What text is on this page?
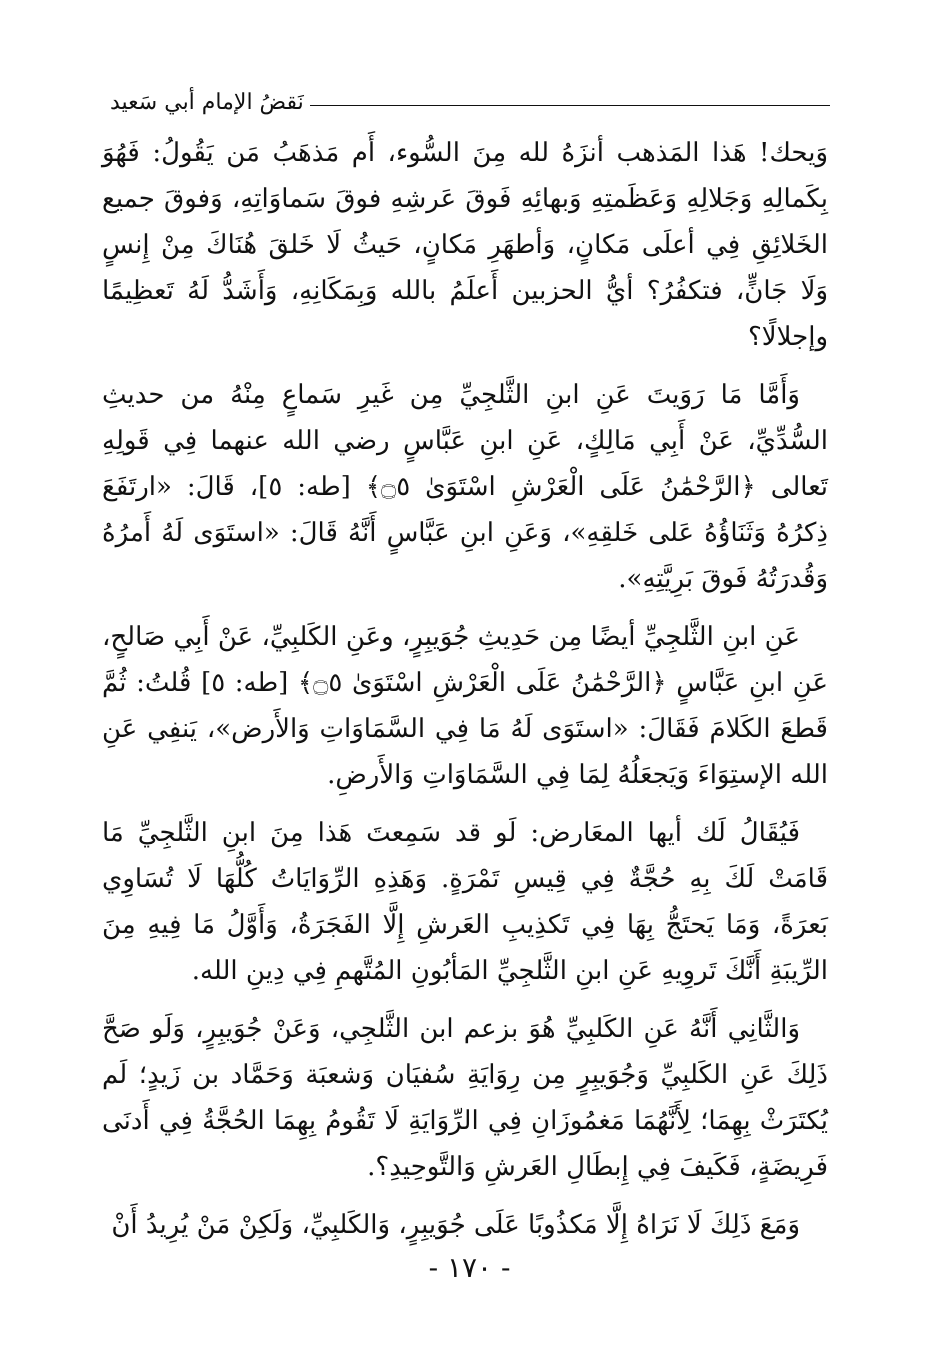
نَقضُ الإمام أبي سَعيد

وَيحك! هَذا المَذهب أنزَهُ لله مِنَ السُّوء، أَم مَذهَبُ مَن يَقُولُ: فَهُوَ بِكَمالِهِ وَجَلالِهِ وَعَظَمتِهِ وَبهائِهِ فَوقَ عَرشِهِ فوقَ سَماوَاتِهِ، وَفوقَ جميع الخَلائِقِ فِي أعلَى مَكانٍ، وَأطهَرِ مَكانٍ، حَيثُ لَا خَلقَ هُنَاكَ مِنْ إِنسٍ وَلَا جَانٍّ، فتكفُرُ؟ أيُّ الحزبين أَعلَمُ بالله وَبِمَكَانِهِ، وَأَشَدُّ لَهُ تَعظِيمًا وإجلالًا؟

وَأَمَّا مَا رَوَيتَ عَنِ ابنِ الثَّلجِيِّ مِن غَيرِ سَماعٍ مِنْهُ من حديثِ السُّدِّيِّ، عَنْ أَبِي مَالِكٍ، عَنِ ابنِ عَبَّاسٍ رضي الله عنهما فِي قَولِهِ تَعالى ﴿الرَّحْمَٰنُ عَلَى الْعَرْشِ اسْتَوَىٰ ۝٥﴾ [طه: ٥]، قَالَ: «ارتَفَعَ ذِكرُهُ وَثَنَاؤُهُ عَلى خَلقِهِ»، وَعَنِ ابنِ عَبَّاسٍ أَنَّهُ قَالَ: «استَوَى لَهُ أَمرُهُ وَقُدرَتُهُ فَوقَ بَرِيَّتِهِ».

عَنِ ابنِ الثَّلجِيِّ أيضًا مِن حَدِيثِ جُوَيبِرٍ، وعَنِ الكَلبِيِّ، عَنْ أَبِي صَالحٍ، عَنِ ابنِ عَبَّاسٍ ﴿الرَّحْمَٰنُ عَلَى الْعَرْشِ اسْتَوَىٰ ۝٥﴾ [طه: ٥] قُلتُ: ثُمَّ قَطعَ الكَلامَ فَقَالَ: «استَوَى لَهُ مَا فِي السَّمَاوَاتِ وَالأَرض»، يَنفِي عَنِ الله الإستِوَاءَ وَيَجعَلُهُ لِمَا فِي السَّمَاوَاتِ وَالأَرضِ.

فَيُقَالُ لَك أيها المعَارض: لَو قد سَمِعتَ هَذا مِنَ ابنِ الثَّلجِيِّ مَا قَامَتْ لَكَ بِهِ حُجَّةٌ فِي قِيسِ تَمْرَةٍ. وَهَذِهِ الرِّوَايَاتُ كُلُّهَا لَا تُسَاوِي بَعرَةً، وَمَا يَحتَجُّ بِهَا فِي تَكذِيبِ العَرشِ إِلَّا الفَجَرَةُ، وَأَوَّلُ مَا فِيهِ مِنَ الرِّيبَةِ أَنَّكَ تَروِيهِ عَنِ ابنِ الثَّلجِيِّ المَأبُونِ المُتَّهمِ فِي دِينِ الله.

وَالثَّانِي أَنَّهُ عَنِ الكَلبِيِّ هُوَ بزعم ابن الثَّلجِي، وَعَنْ جُوَيبِرٍ، وَلَو صَحَّ ذَلِكَ عَنِ الكَلبِيِّ وَجُوَيبِرٍ مِن رِوَايَةِ سُفيَان وَشعبَة وَحَمَّاد بن زَيدٍ؛ لَم يُكتَرَثْ بِهِمَا؛ لِأَنَّهُمَا مَغمُوزَانِ فِي الرِّوَايَةِ لَا تَقُومُ بِهِمَا الحُجَّةُ فِي أَدنَى فَرِيضَةٍ، فَكَيفَ فِي إِبطَالِ العَرشِ وَالتَّوحِيدِ؟.

وَمَعَ ذَلِكَ لَا نَرَاهُ إِلَّا مَكذُوبًا عَلَى جُوَيبِرٍ، وَالكَلبِيِّ، وَلَكِنْ مَنْ يُرِيدُ أَنْ

- ١٧٠ -
